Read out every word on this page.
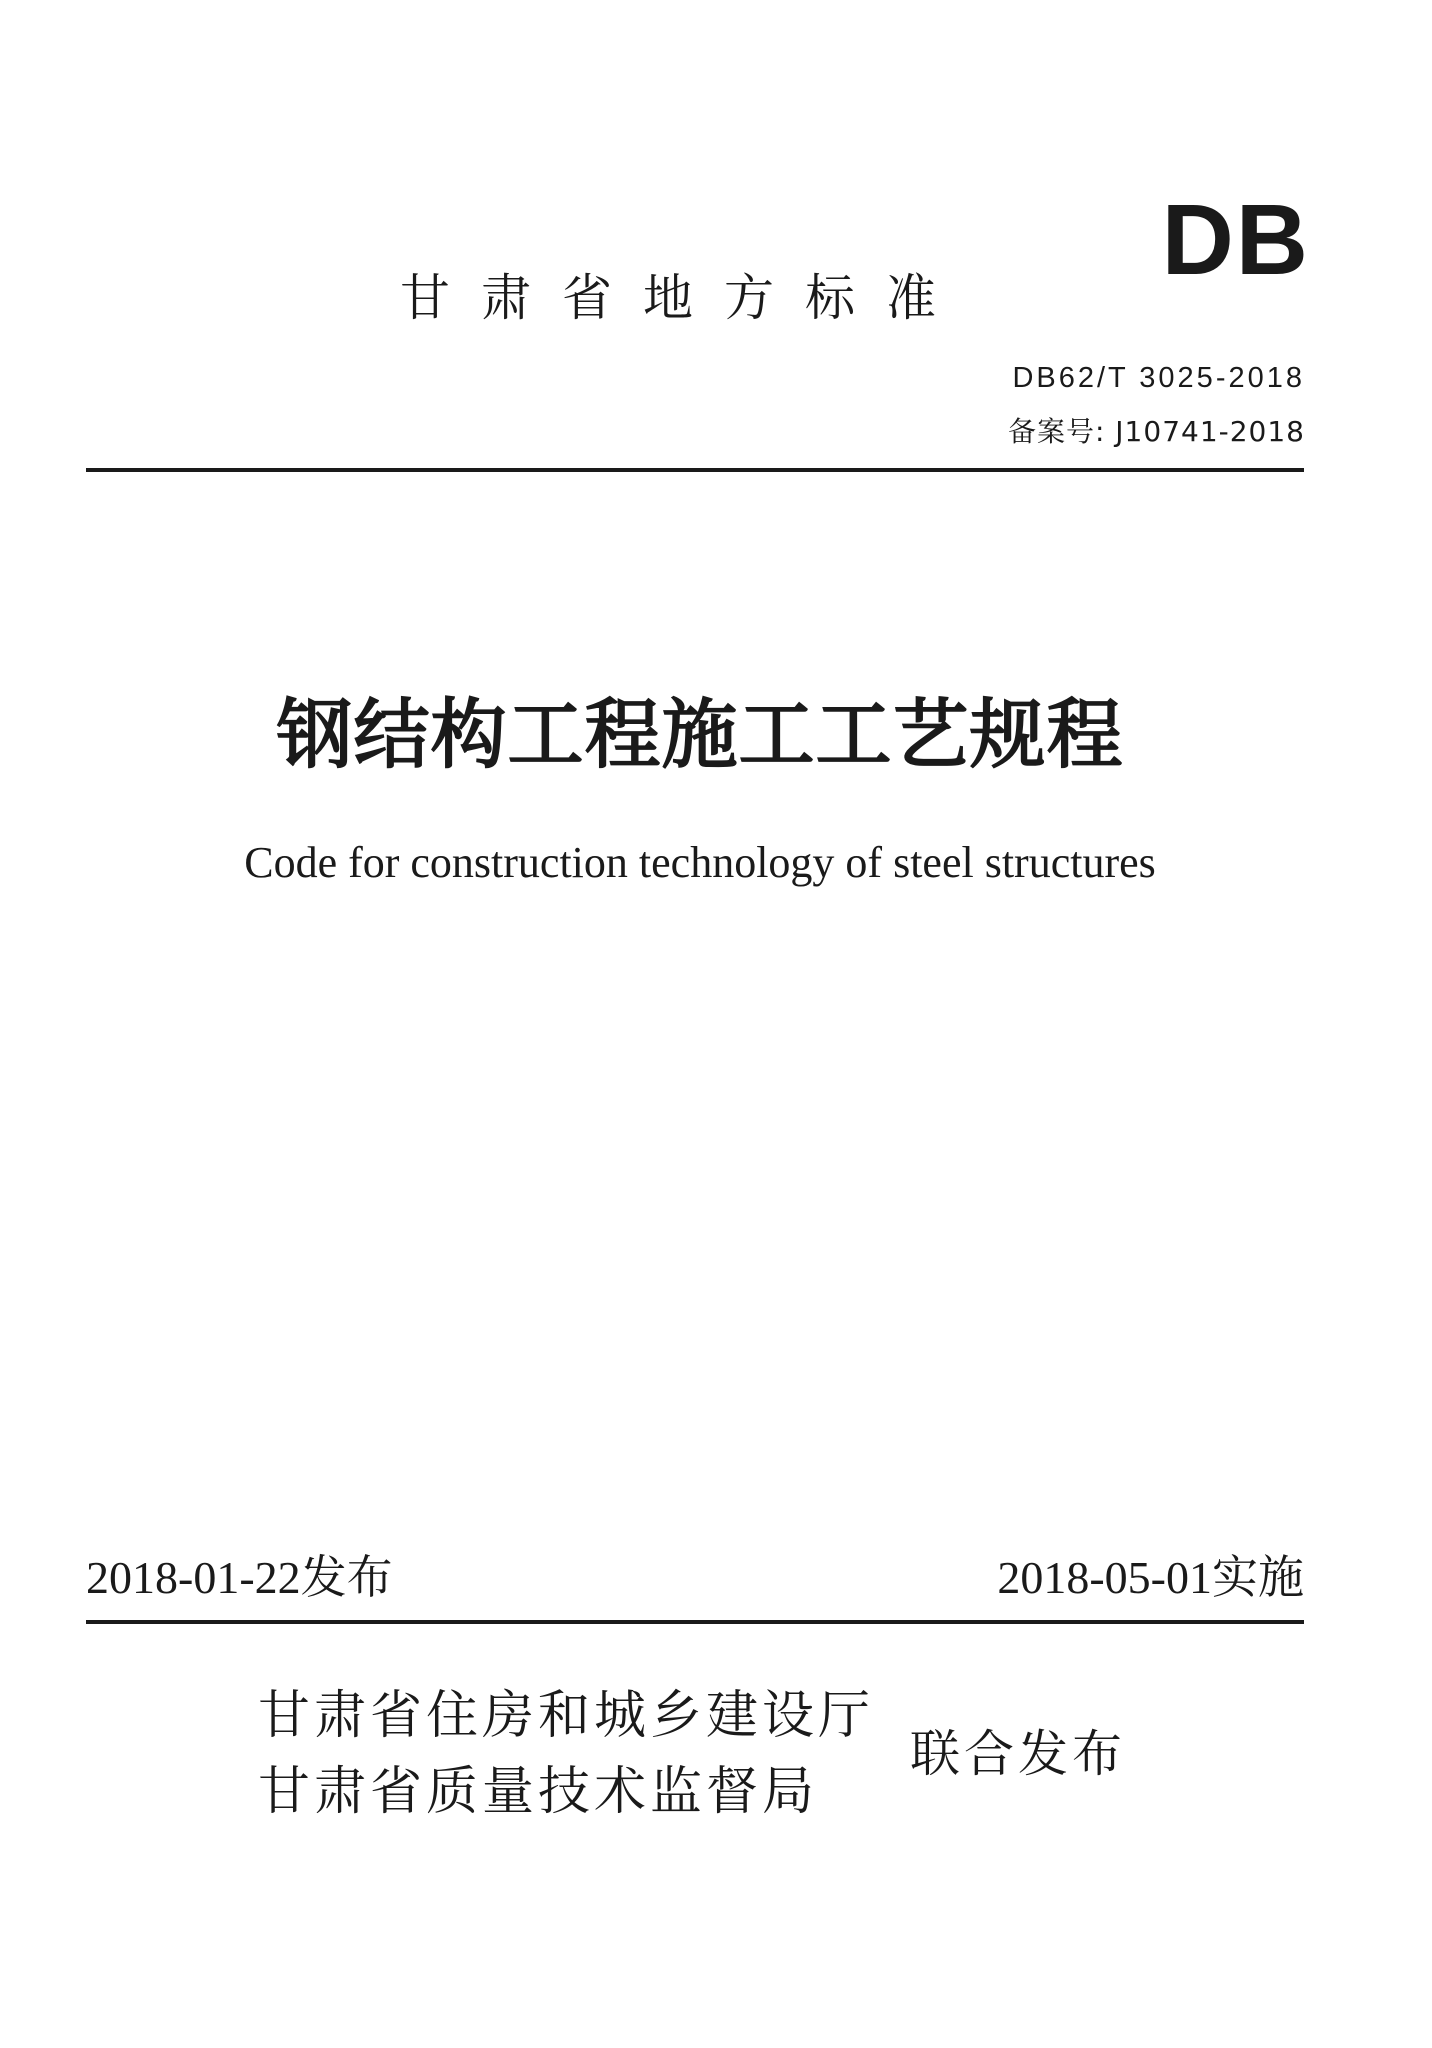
DB
甘肃省地方标准
DB62/T 3025-2018
备案号: J10741-2018
钢结构工程施工工艺规程
Code for construction technology of steel structures
2018-01-22发布	2018-05-01实施
甘肃省住房和城乡建设厅
甘肃省质量技术监督局
联合发布
